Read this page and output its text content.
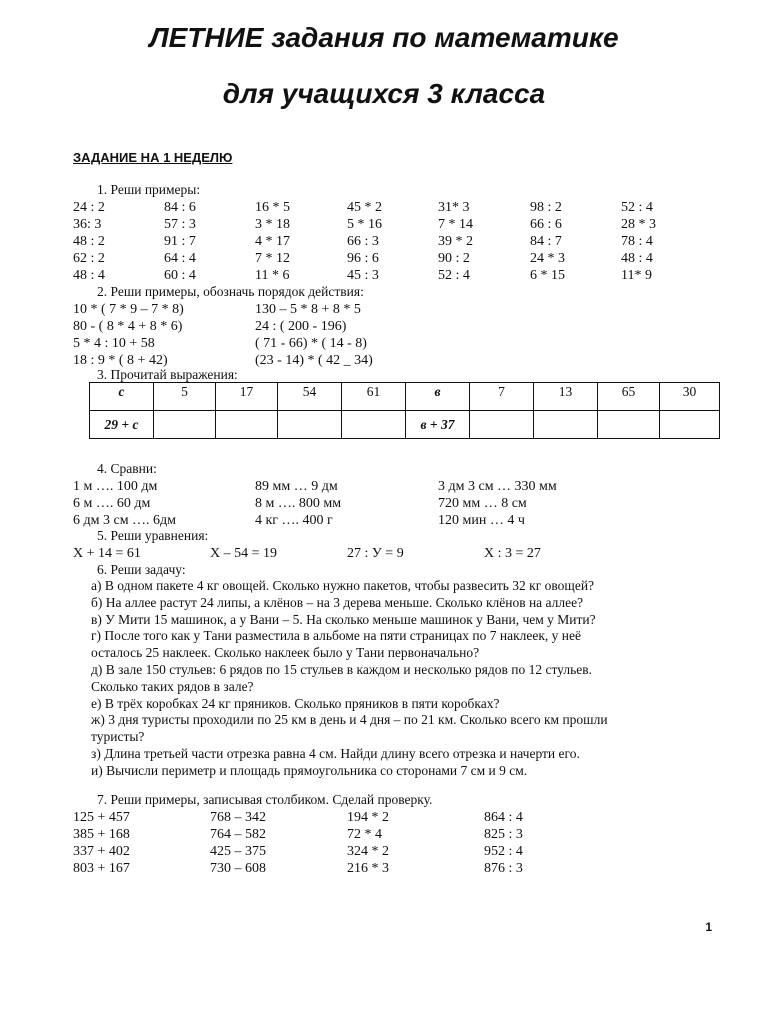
ЛЕТНИЕ задания по математике
для учащихся 3 класса
ЗАДАНИЕ НА 1 НЕДЕЛЮ
1. Реши примеры:
24 : 2	84 : 6	16 * 5	45 * 2	31* 3	98 : 2	52 : 4
36: 3	57 : 3	3 * 18	5 * 16	7 * 14	66 : 6	28 * 3
48 : 2	91 : 7	4 * 17	66 : 3	39 * 2	84 : 7	78 : 4
62 : 2	64 : 4	7 * 12	96 : 6	90 : 2	24 * 3	48 : 4
48 : 4	60 : 4	11 * 6	45 : 3	52 : 4	6 * 15	11* 9
2. Реши примеры, обозначь порядок действия:
10 * ( 7 * 9 – 7 * 8)	130 – 5 * 8 + 8 * 5
80 - ( 8 * 4 + 8 * 6)	24 : ( 200 - 196)
5 * 4 : 10 + 58	( 71 - 66) * ( 14 - 8)
18 : 9 * ( 8 + 42)	(23 - 14) * ( 42 _ 34)
3. Прочитай выражения:
с	5	17	54	61	в	7	13	65	30
29 + с					в + 37				
4. Сравни:
1 м …. 100 дм	89 мм … 9 дм	3 дм 3 см … 330 мм
6 м …. 60 дм	8 м …. 800 мм	720 мм … 8 см
6 дм 3 см …. 6дм	4 кг …. 400 г	120 мин … 4 ч
5. Реши уравнения:
Х + 14 = 61	Х – 54 = 19	27 : У = 9	Х : 3 = 27
6. Реши задачу:
а) В одном пакете 4 кг овощей. Сколько нужно пакетов, чтобы развесить 32 кг овощей?
б) На аллее растут 24 липы, а клёнов – на 3 дерева меньше. Сколько клёнов на аллее?
в) У Мити 15 машинок, а у Вани – 5. На сколько меньше машинок у Вани, чем у Мити?
г) После того как у Тани разместила в альбоме на пяти страницах по 7 наклеек, у неё
осталось 25 наклеек. Сколько наклеек было у Тани первоначально?
д) В зале 150 стульев: 6 рядов по 15 стульев в каждом и несколько рядов по 12 стульев.
Сколько таких рядов в зале?
е) В трёх коробках 24 кг пряников. Сколько пряников в пяти коробках?
ж) 3 дня туристы проходили по 25 км в день и 4 дня – по 21 км. Сколько всего км прошли
туристы?
з) Длина третьей части отрезка равна 4 см. Найди длину всего отрезка и начерти его.
и) Вычисли периметр и площадь прямоугольника со сторонами 7 см и 9 см.
7. Реши примеры, записывая столбиком. Сделай проверку.
125 + 457	768 – 342	194 * 2	864 : 4
385 + 168	764 – 582	72 * 4	825 : 3
337 + 402	425 – 375	324 * 2	952 : 4
803 + 167	730 – 608	216 * 3	876 : 3
1
